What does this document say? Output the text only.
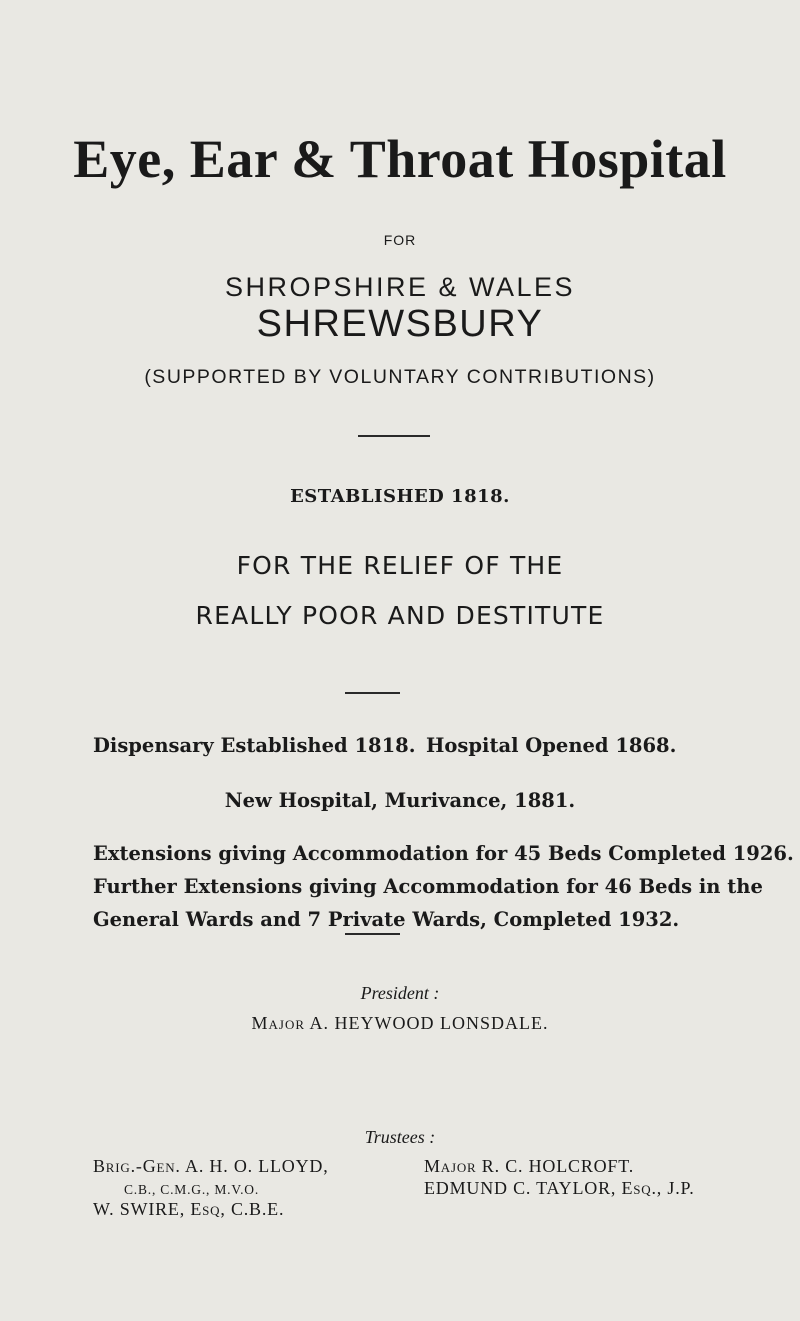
Eye, Ear & Throat Hospital
FOR
SHROPSHIRE & WALES
SHREWSBURY
(SUPPORTED BY VOLUNTARY CONTRIBUTIONS)
ESTABLISHED 1818.
FOR THE RELIEF OF THE
REALLY POOR AND DESTITUTE
Dispensary Established 1818. Hospital Opened 1868.
New Hospital, Murivance, 1881.
Extensions giving Accommodation for 45 Beds Completed 1926.
Further Extensions giving Accommodation for 46 Beds in the
General Wards and 7 Private Wards, Completed 1932.
President :
Major A. HEYWOOD LONSDALE.
Trustees :
Brig.-Gen. A. H. O. LLOYD,
C.B., C.M.G., M.V.O.
W. SWIRE, Esq, C.B.E.
Major R. C. HOLCROFT.
EDMUND C. TAYLOR, Esq., J.P.
